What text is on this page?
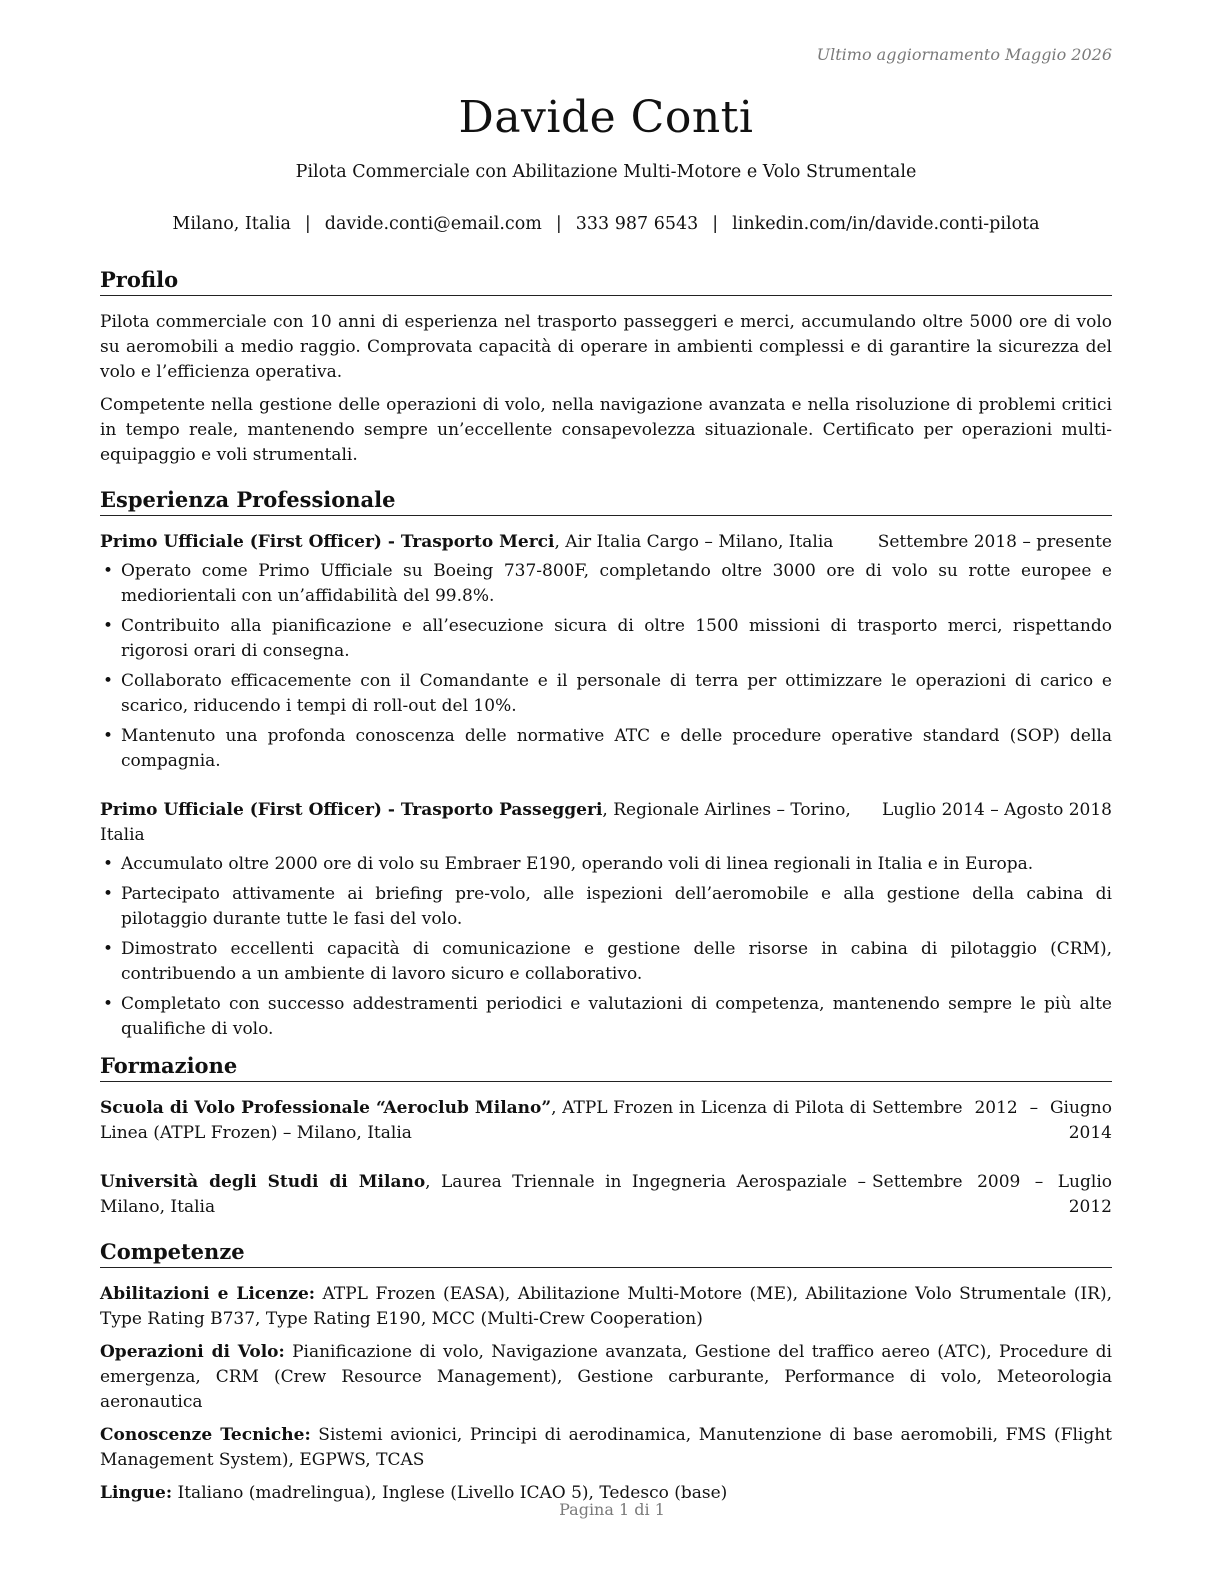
Ultimo aggiornamento Maggio 2026
Davide Conti
Pilota Commerciale con Abilitazione Multi-Motore e Volo Strumentale
Milano, Italia | davide.conti@email.com | 333 987 6543 | linkedin.com/in/davide.conti-pilota
Profilo

Pilota commerciale con 10 anni di esperienza nel trasporto passeggeri e merci, accumulando oltre 5000 ore di volo su aeromobili a medio raggio. Comprovata capacità di operare in ambienti complessi e di garantire la sicurezza del volo e l’efficienza operativa.

Competente nella gestione delle operazioni di volo, nella navigazione avanzata e nella risoluzione di problemi critici in tempo reale, mantenendo sempre un’eccellente consapevolezza situazionale. Certificato per operazioni multi-equipaggio e voli strumentali.

Esperienza Professionale
Primo Ufficiale (First Officer) - Trasporto Merci, Air Italia Cargo – Milano, Italia	Settembre 2018 – presente
• Operato come Primo Ufficiale su Boeing 737-800F, completando oltre 3000 ore di volo su rotte europee e mediorientali con un’affidabilità del 99.8%.
• Contribuito alla pianificazione e all’esecuzione sicura di oltre 1500 missioni di trasporto merci, rispettando rigorosi orari di consegna.
• Collaborato efficacemente con il Comandante e il personale di terra per ottimizzare le operazioni di carico e scarico, riducendo i tempi di roll-out del 10%.
• Mantenuto una profonda conoscenza delle normative ATC e delle procedure operative standard (SOP) della compagnia.
Primo Ufficiale (First Officer) - Trasporto Passeggeri, Regionale Airlines – Torino, Italia
Luglio 2014 – Agosto 2018
• Accumulato oltre 2000 ore di volo su Embraer E190, operando voli di linea regionali in Italia e in Europa.
• Partecipato attivamente ai briefing pre-volo, alle ispezioni dell’aeromobile e alla gestione della cabina di pilotaggio durante tutte le fasi del volo.
• Dimostrato eccellenti capacità di comunicazione e gestione delle risorse in cabina di pilotaggio (CRM), contribuendo a un ambiente di lavoro sicuro e collaborativo.
• Completato con successo addestramenti periodici e valutazioni di competenza, mantenendo sempre le più alte qualifiche di volo.
Formazione
Scuola di Volo Professionale “Aeroclub Milano”, ATPL Frozen in Licenza di Pilota di Linea (ATPL Frozen) – Milano, Italia
Settembre 2012 – Giugno
2014
Università degli Studi di Milano, Laurea Triennale in Ingegneria Aerospaziale – Milano, Italia
Settembre 2009 – Luglio
2012
Competenze
Abilitazioni e Licenze: ATPL Frozen (EASA), Abilitazione Multi-Motore (ME), Abilitazione Volo Strumentale (IR), Type Rating B737, Type Rating E190, MCC (Multi-Crew Cooperation)
Operazioni di Volo: Pianificazione di volo, Navigazione avanzata, Gestione del traffico aereo (ATC), Procedure di emergenza, CRM (Crew Resource Management), Gestione carburante, Performance di volo, Meteorologia aeronautica
Conoscenze Tecniche: Sistemi avionici, Principi di aerodinamica, Manutenzione di base aeromobili, FMS (Flight Management System), EGPWS, TCAS
Lingue: Italiano (madrelingua), Inglese (Livello ICAO 5), Tedesco (base)
Pagina 1 di 1
